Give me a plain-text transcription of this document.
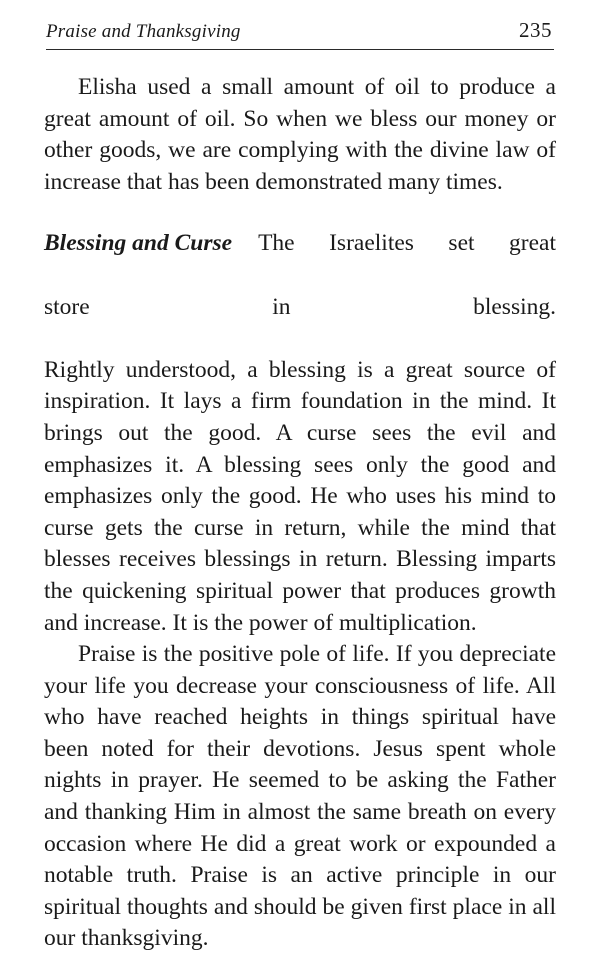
Praise and Thanksgiving	235

Elisha used a small amount of oil to produce a great amount of oil. So when we bless our money or other goods, we are complying with the divine law of increase that has been demonstrated many times.

Blessing and Curse	The Israelites set great
store in blessing.

Rightly understood, a blessing is a great source of inspiration. It lays a firm foundation in the mind. It brings out the good. A curse sees the evil and emphasizes it. A blessing sees only the good and emphasizes only the good. He who uses his mind to curse gets the curse in return, while the mind that blesses receives blessings in return. Blessing imparts the quickening spiritual power that produces growth and increase. It is the power of multiplication.

Praise is the positive pole of life. If you depreciate your life you decrease your consciousness of life. All who have reached heights in things spiritual have been noted for their devotions. Jesus spent whole nights in prayer. He seemed to be asking the Father and thanking Him in almost the same breath on every occasion where He did a great work or expounded a notable truth. Praise is an active principle in our spiritual thoughts and should be given first place in all our thanksgiving.
